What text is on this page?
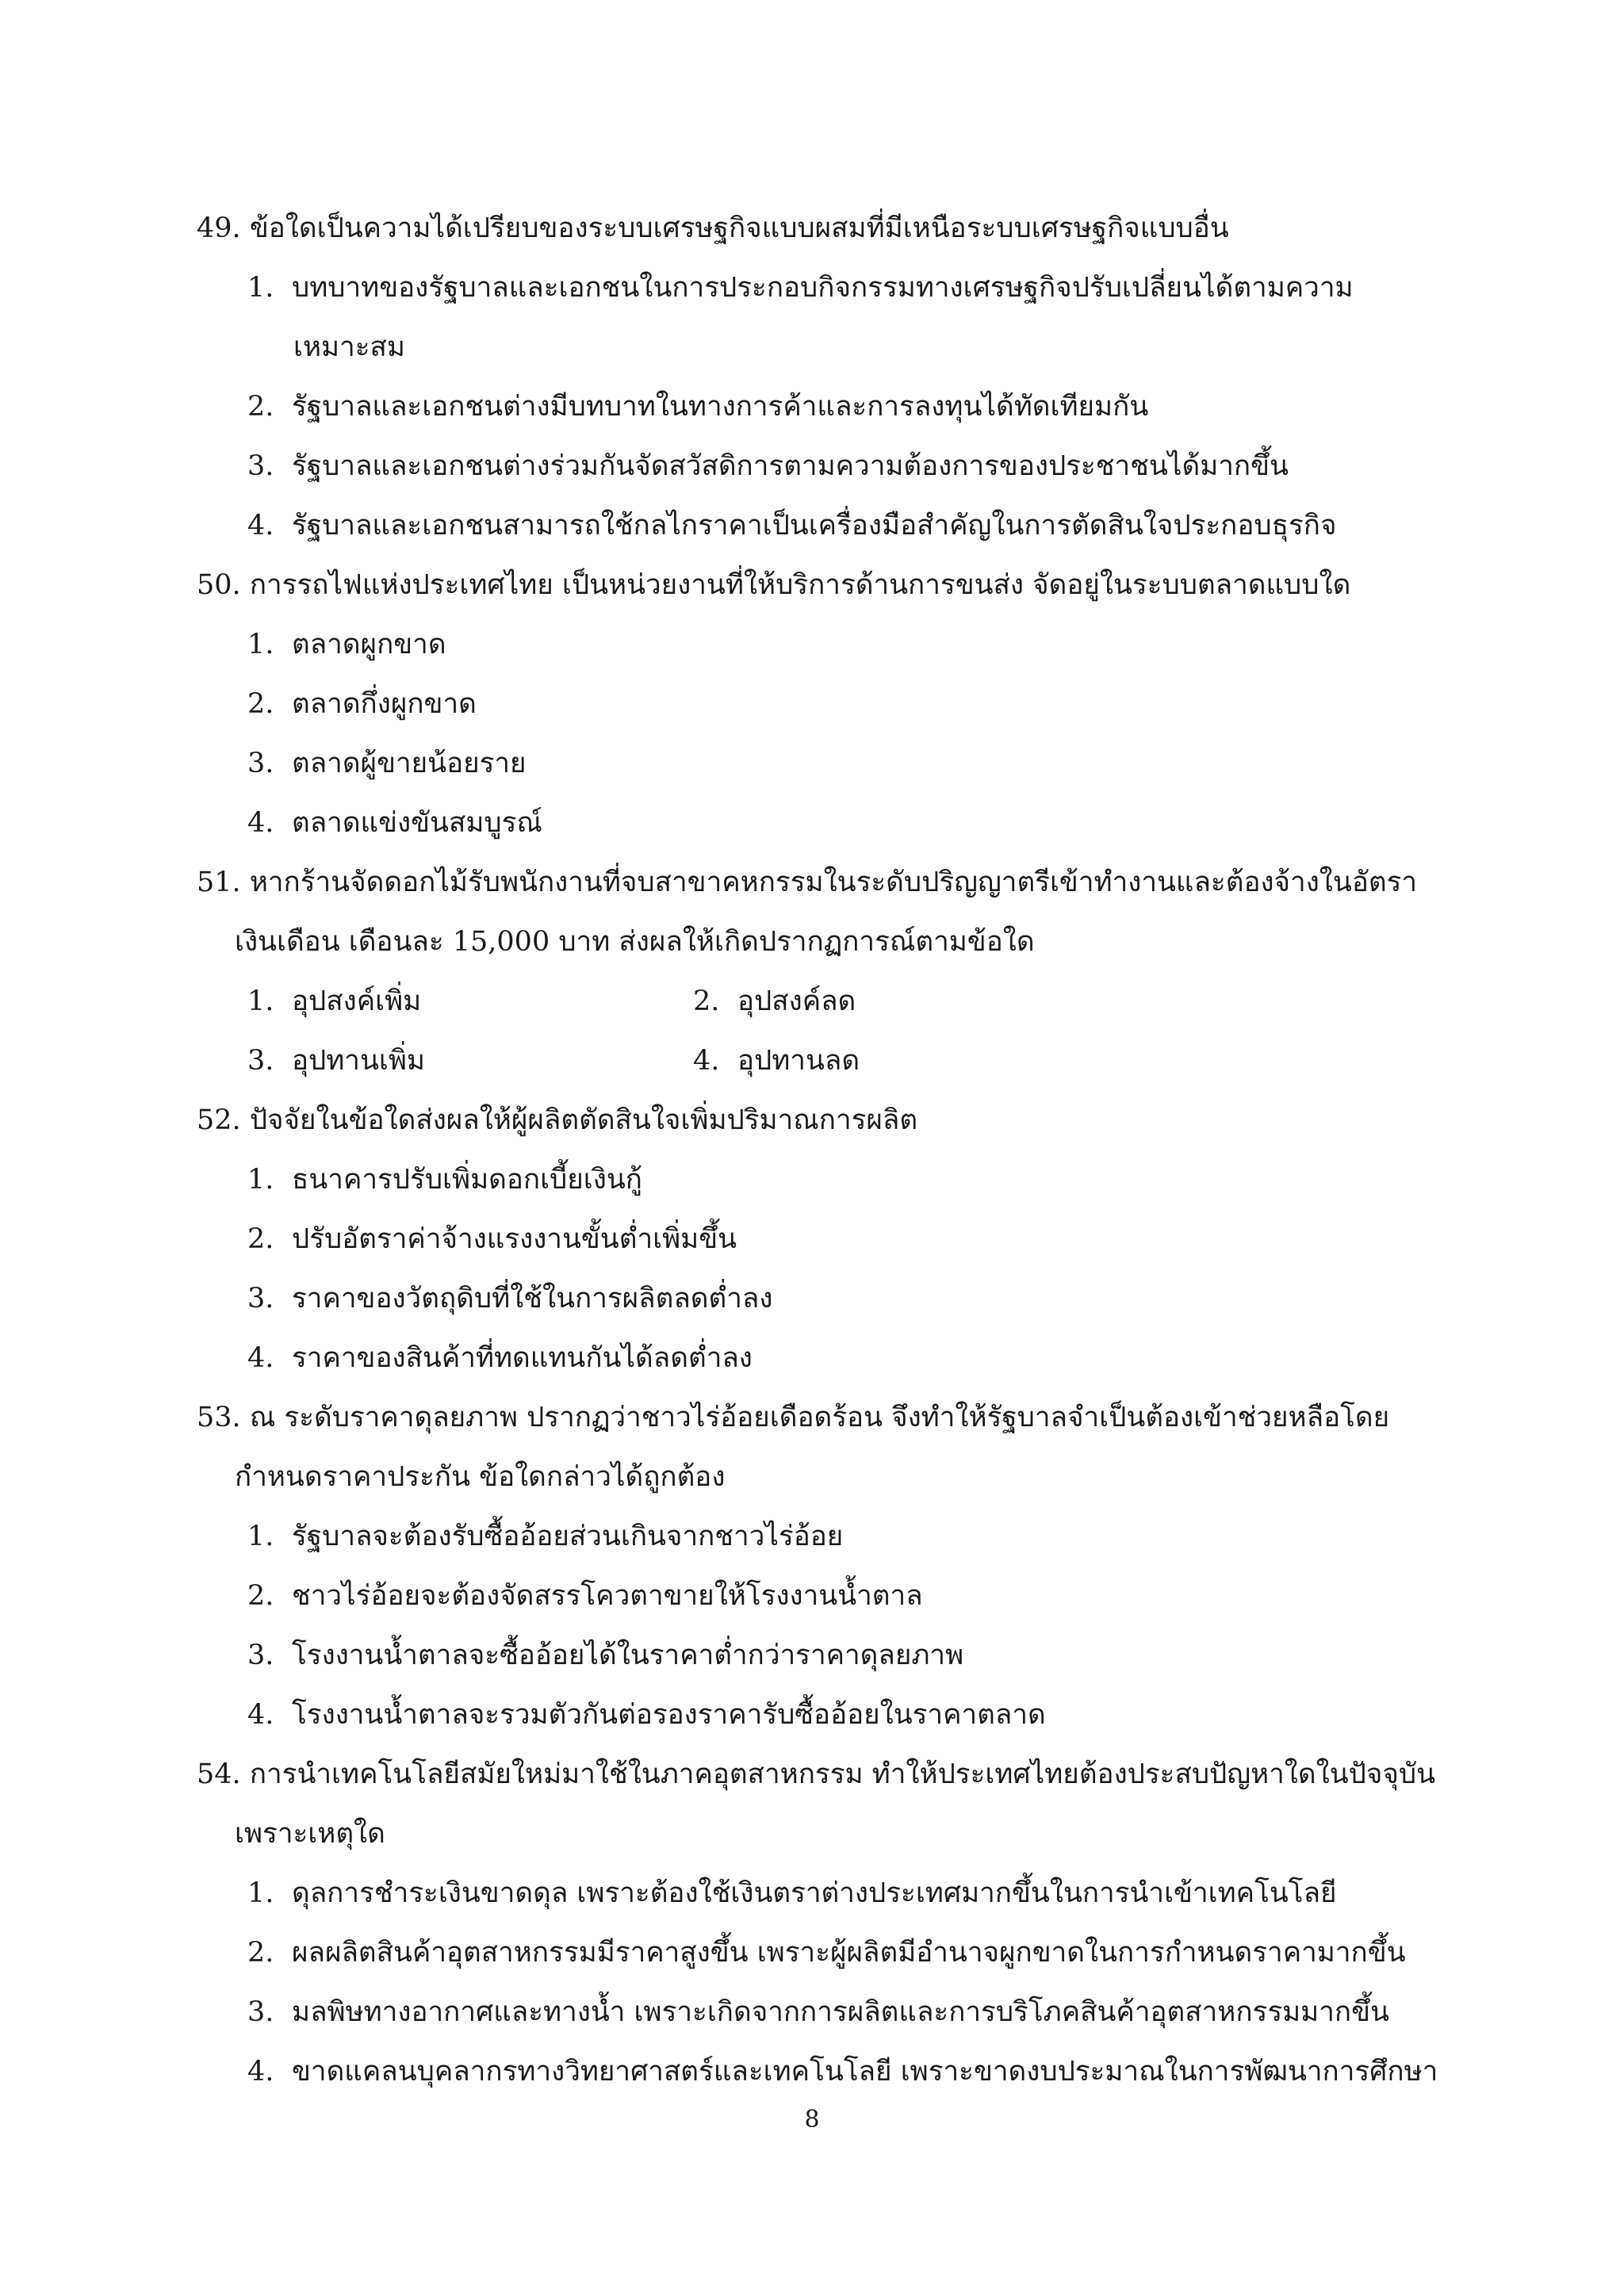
49. ข้อใดเป็นความได้เปรียบของระบบเศรษฐกิจแบบผสมที่มีเหนือระบบเศรษฐกิจแบบอื่น
1. บทบาทของรัฐบาลและเอกชนในการประกอบกิจกรรมทางเศรษฐกิจปรับเปลี่ยนได้ตามความ
เหมาะสม
2. รัฐบาลและเอกชนต่างมีบทบาทในทางการค้าและการลงทุนได้ทัดเทียมกัน
3. รัฐบาลและเอกชนต่างร่วมกันจัดสวัสดิการตามความต้องการของประชาชนได้มากขึ้น
4. รัฐบาลและเอกชนสามารถใช้กลไกราคาเป็นเครื่องมือสำคัญในการตัดสินใจประกอบธุรกิจ
50. การรถไฟแห่งประเทศไทย เป็นหน่วยงานที่ให้บริการด้านการขนส่ง จัดอยู่ในระบบตลาดแบบใด
1. ตลาดผูกขาด
2. ตลาดกึ่งผูกขาด
3. ตลาดผู้ขายน้อยราย
4. ตลาดแข่งขันสมบูรณ์
51. หากร้านจัดดอกไม้รับพนักงานที่จบสาขาคหกรรมในระดับปริญญาตรีเข้าทำงานและต้องจ้างในอัตรา
เงินเดือน เดือนละ 15,000 บาท ส่งผลให้เกิดปรากฏการณ์ตามข้อใด
1. อุปสงค์เพิ่ม	2. อุปสงค์ลด
3. อุปทานเพิ่ม	4. อุปทานลด
52. ปัจจัยในข้อใดส่งผลให้ผู้ผลิตตัดสินใจเพิ่มปริมาณการผลิต
1. ธนาคารปรับเพิ่มดอกเบี้ยเงินกู้
2. ปรับอัตราค่าจ้างแรงงานขั้นต่ำเพิ่มขึ้น
3. ราคาของวัตถุดิบที่ใช้ในการผลิตลดต่ำลง
4. ราคาของสินค้าที่ทดแทนกันได้ลดต่ำลง
53. ณ ระดับราคาดุลยภาพ ปรากฏว่าชาวไร่อ้อยเดือดร้อน จึงทำให้รัฐบาลจำเป็นต้องเข้าช่วยหลือโดย
กำหนดราคาประกัน ข้อใดกล่าวได้ถูกต้อง
1. รัฐบาลจะต้องรับซื้ออ้อยส่วนเกินจากชาวไร่อ้อย
2. ชาวไร่อ้อยจะต้องจัดสรรโควตาขายให้โรงงานน้ำตาล
3. โรงงานน้ำตาลจะซื้ออ้อยได้ในราคาต่ำกว่าราคาดุลยภาพ
4. โรงงานน้ำตาลจะรวมตัวกันต่อรองราคารับซื้ออ้อยในราคาตลาด
54. การนำเทคโนโลยีสมัยใหม่มาใช้ในภาคอุตสาหกรรม ทำให้ประเทศไทยต้องประสบปัญหาใดในปัจจุบัน
เพราะเหตุใด
1. ดุลการชำระเงินขาดดุล เพราะต้องใช้เงินตราต่างประเทศมากขึ้นในการนำเข้าเทคโนโลยี
2. ผลผลิตสินค้าอุตสาหกรรมมีราคาสูงขึ้น เพราะผู้ผลิตมีอำนาจผูกขาดในการกำหนดราคามากขึ้น
3. มลพิษทางอากาศและทางน้ำ เพราะเกิดจากการผลิตและการบริโภคสินค้าอุตสาหกรรมมากขึ้น
4. ขาดแคลนบุคลากรทางวิทยาศาสตร์และเทคโนโลยี เพราะขาดงบประมาณในการพัฒนาการศึกษา
8
